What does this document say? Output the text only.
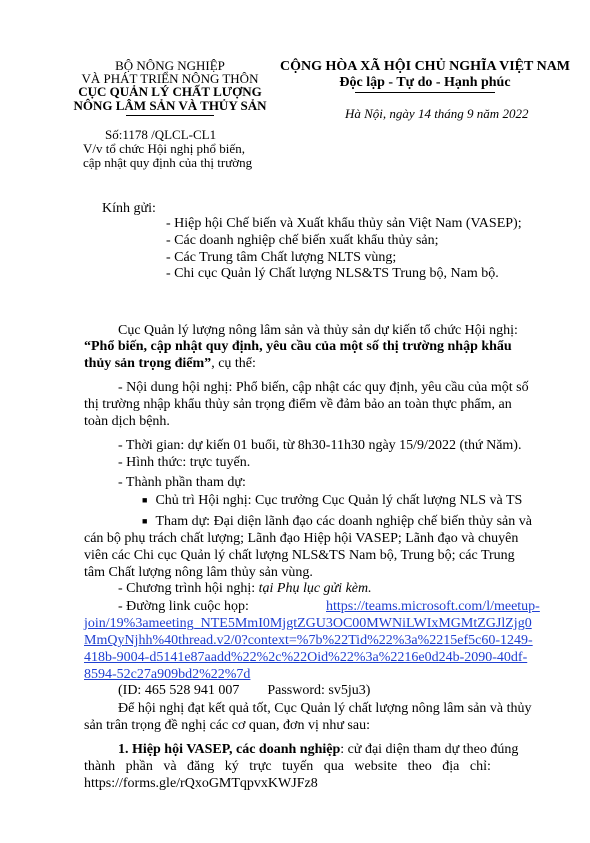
BỘ NÔNG NGHIỆP
VÀ PHÁT TRIỂN NÔNG THÔN
CỤC QUẢN LÝ CHẤT LƯỢNG
NÔNG LÂM SẢN VÀ THỦY SẢN
Số:1178 /QLCL-CL1
V/v tổ chức Hội nghị phổ biến,
cập nhật quy định của thị trường
CỘNG HÒA XÃ HỘI CHỦ NGHĨA VIỆT NAM
Độc lập - Tự do - Hạnh phúc
Hà Nội, ngày 14 tháng 9 năm 2022
Kính gửi:
- Hiệp hội Chế biến và Xuất khẩu thủy sản Việt Nam (VASEP);
- Các doanh nghiệp chế biến xuất khẩu thủy sản;
- Các Trung tâm Chất lượng NLTS vùng;
- Chi cục Quản lý Chất lượng NLS&TS Trung bộ, Nam bộ.
Cục Quản lý lượng nông lâm sản và thủy sản dự kiến tổ chức Hội nghị:
“Phổ biến, cập nhật quy định, yêu cầu của một số thị trường nhập khẩu
thủy sản trọng điểm”, cụ thể:
- Nội dung hội nghị: Phổ biến, cập nhật các quy định, yêu cầu của một số
thị trường nhập khẩu thủy sản trọng điểm về đảm bảo an toàn thực phẩm, an
toàn dịch bệnh.
- Thời gian: dự kiến 01 buổi, từ 8h30-11h30 ngày 15/9/2022 (thứ Năm).
- Hình thức: trực tuyến.
- Thành phần tham dự:
■ Chủ trì Hội nghị: Cục trưởng Cục Quản lý chất lượng NLS và TS
■ Tham dự: Đại diện lãnh đạo các doanh nghiệp chế biến thủy sản và
cán bộ phụ trách chất lượng; Lãnh đạo Hiệp hội VASEP; Lãnh đạo và chuyên
viên các Chi cục Quản lý chất lượng NLS&TS Nam bộ, Trung bộ; các Trung
tâm Chất lượng nông lâm thủy sản vùng.
- Chương trình hội nghị: tại Phụ lục gửi kèm.
- Đường link cuộc họp:	https://teams.microsoft.com/l/meetup-
join/19%3ameeting_NTE5MmI0MjgtZGU3OC00MWNiLWIxMGMtZGJlZjg0
MmQyNjhh%40thread.v2/0?context=%7b%22Tid%22%3a%2215ef5c60-1249-
418b-9004-d5141e87aadd%22%2c%22Oid%22%3a%2216e0d24b-2090-40df-
8594-52c27a909bd2%22%7d
(ID: 465 528 941 007        Password: sv5ju3)
Để hội nghị đạt kết quả tốt, Cục Quản lý chất lượng nông lâm sản và thủy
sản trân trọng đề nghị các cơ quan, đơn vị như sau:
1. Hiệp hội VASEP, các doanh nghiệp: cử đại diện tham dự theo đúng
thành   phần   và   đăng   ký   trực   tuyến   qua   website   theo   địa   chỉ:
https://forms.gle/rQxoGMTqpvxKWJFz8
